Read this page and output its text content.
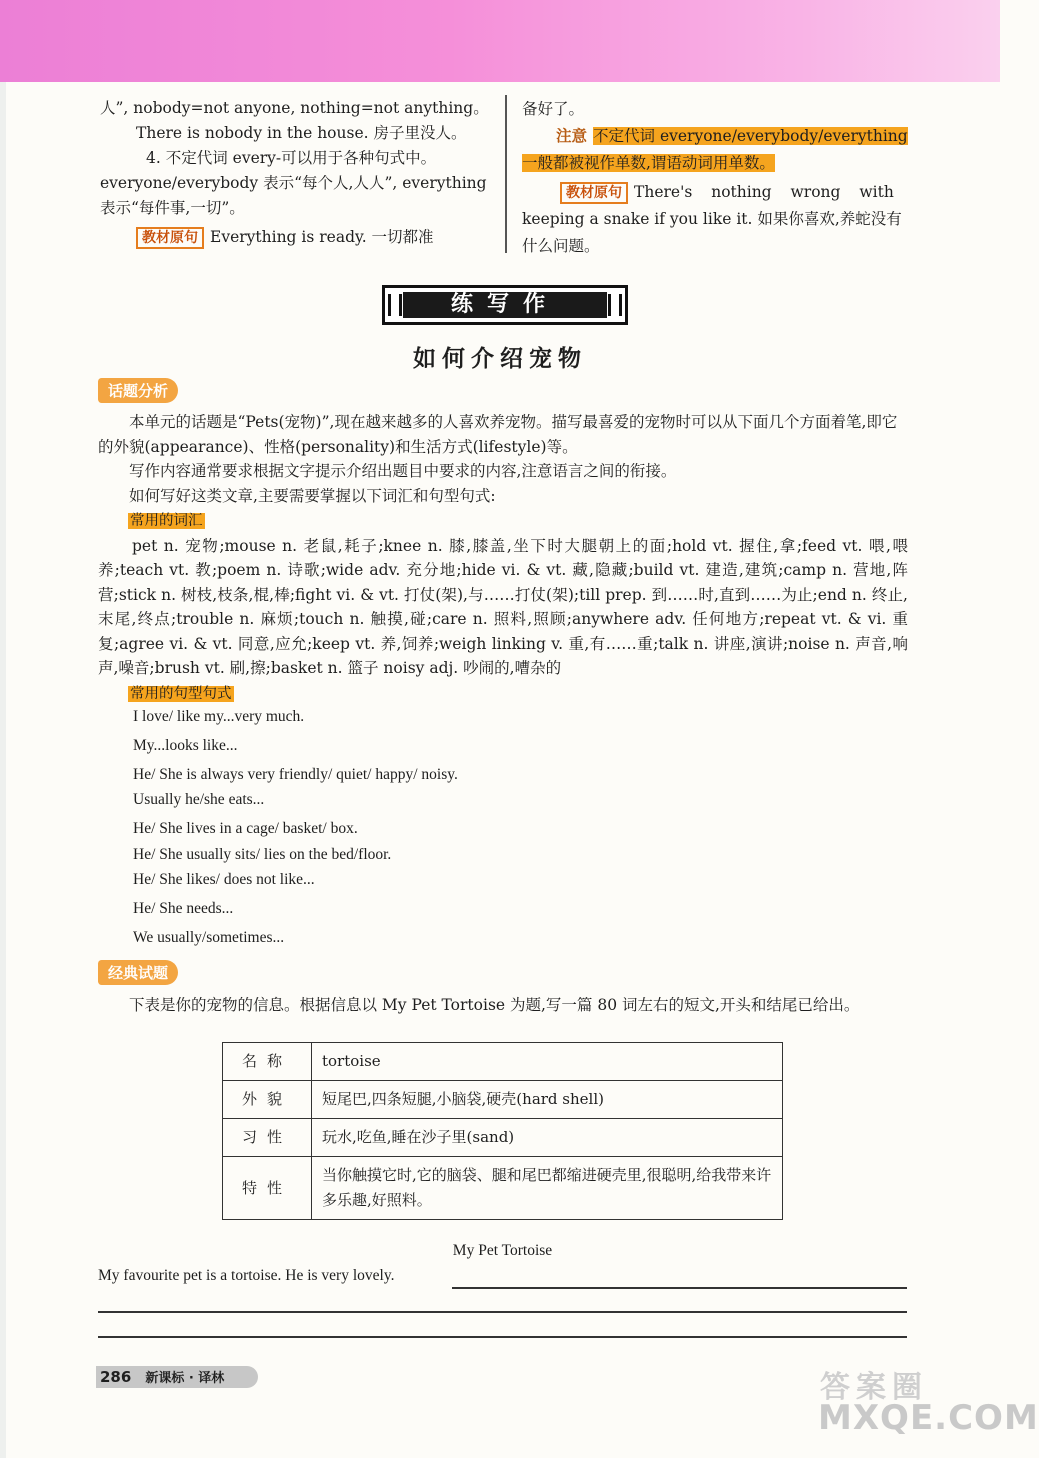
人”, nobody=not anyone, nothing=not anything。

There is nobody in the house. 房子里没人。

4. 不定代词 every-可以用于各种句式中。

everyone/everybody 表示“每个人,人人”, everything

表示“每件事,一切”。

教材原句 Everything is ready. 一切都准

备好了。

注意 不定代词 everyone/everybody/everything

一般都被视作单数,谓语动词用单数。

教材原句 There's nothing wrong with

keeping a snake if you like it. 如果你喜欢,养蛇没有

什么问题。

练写作
如何介绍宠物
话题分析

本单元的话题是“Pets(宠物)”,现在越来越多的人喜欢养宠物。描写最喜爱的宠物时可以从下面几个方面着笔,即它的外貌(appearance)、性格(personality)和生活方式(lifestyle)等。

写作内容通常要求根据文字提示介绍出题目中要求的内容,注意语言之间的衔接。

如何写好这类文章,主要需要掌握以下词汇和句型句式:

常用的词汇

pet n. 宠物;mouse n. 老鼠,耗子;knee n. 膝,膝盖,坐下时大腿朝上的面;hold vt. 握住,拿;feed vt. 喂,喂养;teach vt. 教;poem n. 诗歌;wide adv. 充分地;hide vi. & vt. 藏,隐藏;build vt. 建造,建筑;camp n. 营地,阵营;stick n. 树枝,枝条,棍,棒;fight vi. & vt. 打仗(架),与……打仗(架);till prep. 到……时,直到……为止;end n. 终止,末尾,终点;trouble n. 麻烦;touch n. 触摸,碰;care n. 照料,照顾;anywhere adv. 任何地方;repeat vt. & vi. 重复;agree vi. & vt. 同意,应允;keep vt. 养,饲养;weigh linking v. 重,有……重;talk n. 讲座,演讲;noise n. 声音,响声,噪音;brush vt. 刷,擦;basket n. 篮子 noisy adj. 吵闹的,嘈杂的

常用的句型句式

I love/ like my...very much.
My...looks like...
He/ She is always very friendly/ quiet/ happy/ noisy.
Usually he/she eats...
He/ She lives in a cage/ basket/ box.
He/ She usually sits/ lies on the bed/floor.
He/ She likes/ does not like...
He/ She needs...
We usually/sometimes...
经典试题

下表是你的宠物的信息。根据信息以 My Pet Tortoise 为题,写一篇 80 词左右的短文,开头和结尾已给出。

名称	tortoise
外貌	短尾巴,四条短腿,小脑袋,硬壳(hard shell)
习性	玩水,吃鱼,睡在沙子里(sand)
特性	当你触摸它时,它的脑袋、腿和尾巴都缩进硬壳里,很聪明,给我带来许多乐趣,好照料。
My Pet Tortoise
My favourite pet is a tortoise. He is very lovely.
286 新课标 · 译林	答案圈
MXQE.COM
